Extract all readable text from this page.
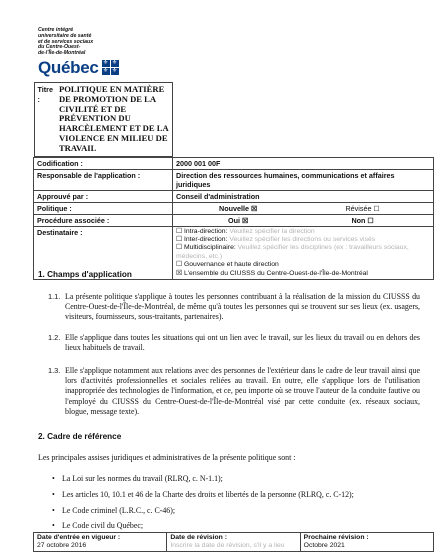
Centre intégré
universitaire de santé
et de services sociaux
du Centre-Ouest-
de-l'Île-de-Montréal
Québec ⚜ ⚜
⚜ ⚜
Titre :
POLITIQUE EN MATIÈRE DE PROMOTION DE LA CIVILITÉ ET DE PRÉVENTION DU HARCÈLEMENT ET DE LA VIOLENCE EN MILIEU DE TRAVAIL

Codification :	2000 001 00F
Responsable de l'application :	Direction des ressources humaines, communications et affaires juridiques
Approuvé par :	Conseil d'administration
Politique :	Nouvelle ☒ Révisée ☐
Procédure associée :	Oui ☒ Non ☐
Destinataire :	☐ Intra-direction: Veuillez spécifier la direction
☐ Inter-direction: Veuillez spécifier les directions ou services visés
☐ Multidisciplinaire: Veuillez spécifier les disciplines (ex : travailleurs sociaux, médecins, etc.)
☐ Gouvernance et haute direction
☒ L'ensemble du CIUSSS du Centre-Ouest-de-l'Île-de-Montréal
1. Champs d'application
1.1. La présente politique s'applique à toutes les personnes contribuant à la réalisation de la mission du CIUSSS du Centre-Ouest-de-l'Île-de-Montréal, de même qu'à toutes les personnes qui se trouvent sur ses lieux (ex. usagers, visiteurs, fournisseurs, sous-traitants, partenaires).
1.2. Elle s'applique dans toutes les situations qui ont un lien avec le travail, sur les lieux du travail ou en dehors des lieux habituels de travail.
1.3. Elle s'applique notamment aux relations avec des personnes de l'extérieur dans le cadre de leur travail ainsi que lors d'activités professionnelles et sociales reliées au travail. En outre, elle s'applique lors de l'utilisation inappropriée des technologies de l'information, et ce, peu importe où se trouve l'auteur de la conduite fautive ou l'employé du CIUSSS du Centre-Ouest-de-l'Île-de-Montréal visé par cette conduite (ex. réseaux sociaux, blogue, message texte).
2. Cadre de référence
Les principales assises juridiques et administratives de la présente politique sont :
• La Loi sur les normes du travail (RLRQ, c. N-1.1);
• Les articles 10, 10.1 et 46 de la Charte des droits et libertés de la personne (RLRQ, c. C-12);
• Le Code criminel (L.R.C., c. C-46);
• Le Code civil du Québec;
Date d'entrée en vigueur :
27 octobre 2016

Date de révision :
Inscrire la date de révision, s'il y a lieu

Prochaine révision :
Octobre 2021
